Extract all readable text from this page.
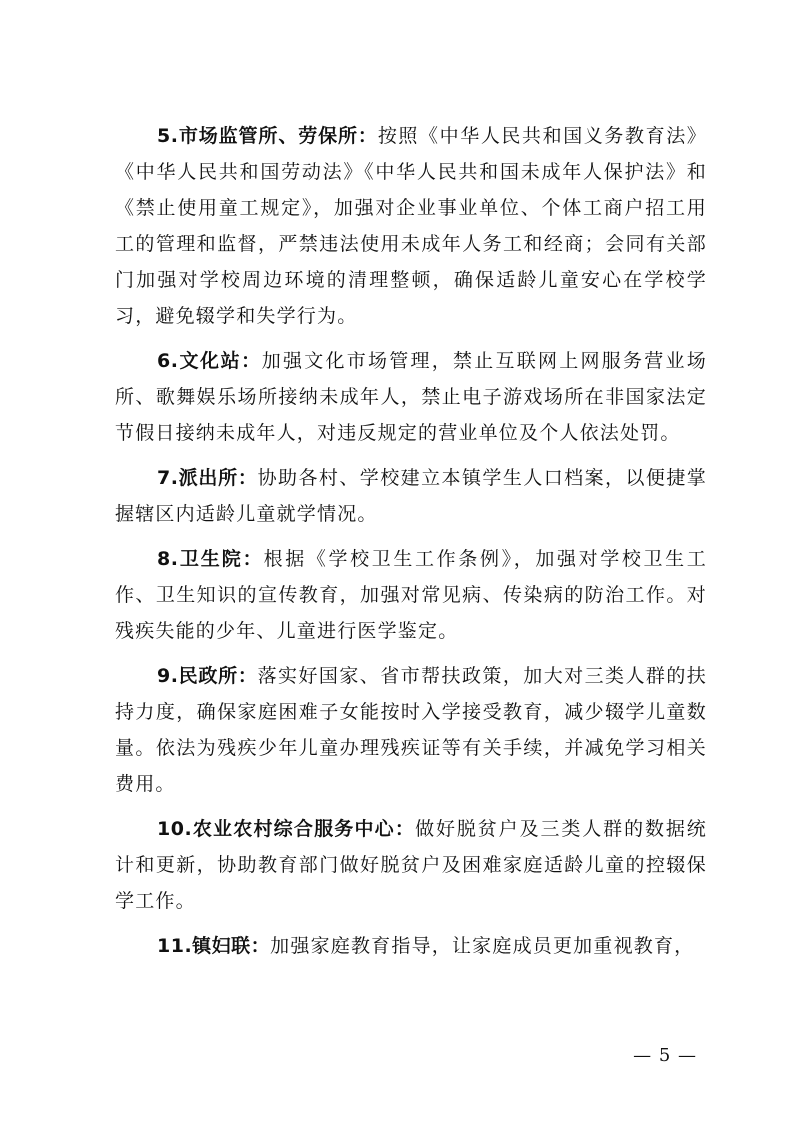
5.市场监管所、劳保所：按照《中华人民共和国义务教育法》《中华人民共和国劳动法》《中华人民共和国未成年人保护法》和《禁止使用童工规定》，加强对企业事业单位、个体工商户招工用工的管理和监督，严禁违法使用未成年人务工和经商；会同有关部门加强对学校周边环境的清理整顿，确保适龄儿童安心在学校学习，避免辍学和失学行为。

6.文化站：加强文化市场管理，禁止互联网上网服务营业场所、歌舞娱乐场所接纳未成年人，禁止电子游戏场所在非国家法定节假日接纳未成年人，对违反规定的营业单位及个人依法处罚。

7.派出所：协助各村、学校建立本镇学生人口档案，以便捷掌握辖区内适龄儿童就学情况。

8.卫生院：根据《学校卫生工作条例》，加强对学校卫生工作、卫生知识的宣传教育，加强对常见病、传染病的防治工作。对残疾失能的少年、儿童进行医学鉴定。

9.民政所：落实好国家、省市帮扶政策，加大对三类人群的扶持力度，确保家庭困难子女能按时入学接受教育，减少辍学儿童数量。依法为残疾少年儿童办理残疾证等有关手续，并减免学习相关费用。

10.农业农村综合服务中心：做好脱贫户及三类人群的数据统计和更新，协助教育部门做好脱贫户及困难家庭适龄儿童的控辍保学工作。

11.镇妇联：加强家庭教育指导，让家庭成员更加重视教育，

— 5 —
